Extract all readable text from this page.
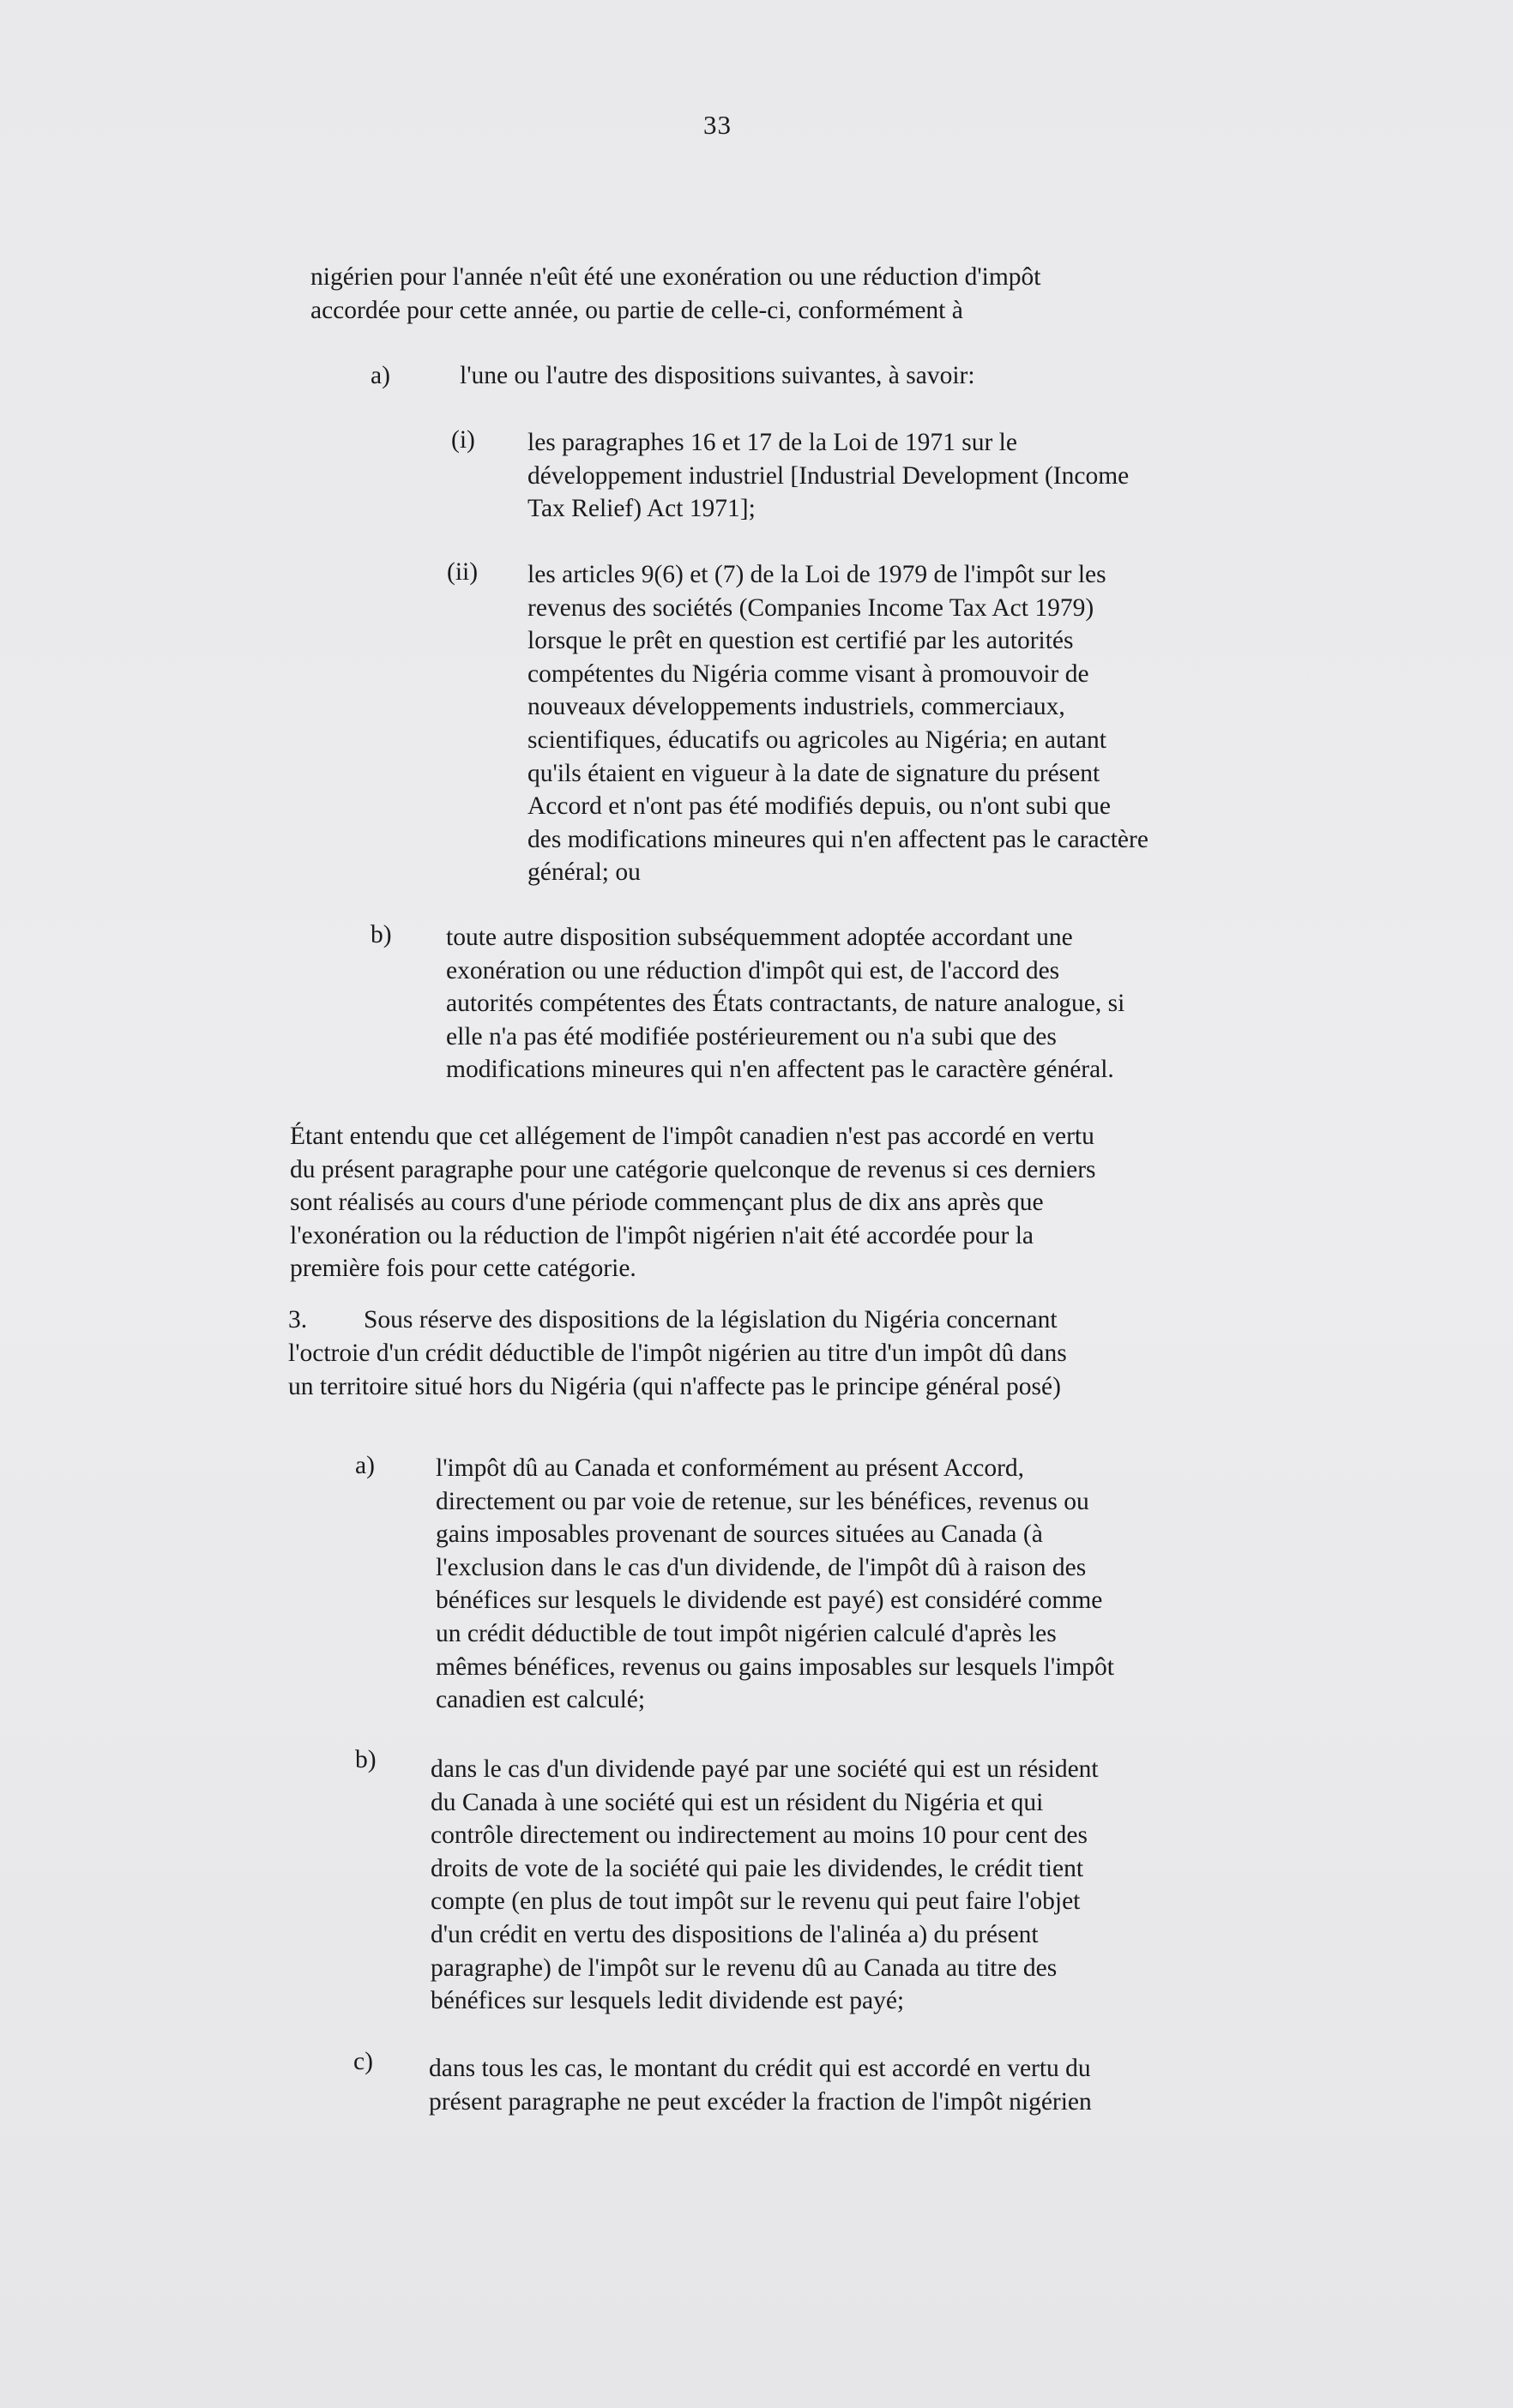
33
nigérien pour l'année n'eût été une exonération ou une réduction d'impôt
accordée pour cette année, ou partie de celle-ci, conformément à
a)	l'une ou l'autre des dispositions suivantes, à savoir:
(i) les paragraphes 16 et 17 de la Loi de 1971 sur le
développement industriel [Industrial Development (Income
Tax Relief) Act 1971];
(ii) les articles 9(6) et (7) de la Loi de 1979 de l'impôt sur les
revenus des sociétés (Companies Income Tax Act 1979)
lorsque le prêt en question est certifié par les autorités
compétentes du Nigéria comme visant à promouvoir de
nouveaux développements industriels, commerciaux,
scientifiques, éducatifs ou agricoles au Nigéria; en autant
qu'ils étaient en vigueur à la date de signature du présent
Accord et n'ont pas été modifiés depuis, ou n'ont subi que
des modifications mineures qui n'en affectent pas le caractère
général; ou
b) toute autre disposition subséquemment adoptée accordant une
exonération ou une réduction d'impôt qui est, de l'accord des
autorités compétentes des États contractants, de nature analogue, si
elle n'a pas été modifiée postérieurement ou n'a subi que des
modifications mineures qui n'en affectent pas le caractère général.
Étant entendu que cet allégement de l'impôt canadien n'est pas accordé en vertu
du présent paragraphe pour une catégorie quelconque de revenus si ces derniers
sont réalisés au cours d'une période commençant plus de dix ans après que
l'exonération ou la réduction de l'impôt nigérien n'ait été accordée pour la
première fois pour cette catégorie.
3. Sous réserve des dispositions de la législation du Nigéria concernant
l'octroie d'un crédit déductible de l'impôt nigérien au titre d'un impôt dû dans
un territoire situé hors du Nigéria (qui n'affecte pas le principe général posé)
a) l'impôt dû au Canada et conformément au présent Accord,
directement ou par voie de retenue, sur les bénéfices, revenus ou
gains imposables provenant de sources situées au Canada (à
l'exclusion dans le cas d'un dividende, de l'impôt dû à raison des
bénéfices sur lesquels le dividende est payé) est considéré comme
un crédit déductible de tout impôt nigérien calculé d'après les
mêmes bénéfices, revenus ou gains imposables sur lesquels l'impôt
canadien est calculé;
b) dans le cas d'un dividende payé par une société qui est un résident
du Canada à une société qui est un résident du Nigéria et qui
contrôle directement ou indirectement au moins 10 pour cent des
droits de vote de la société qui paie les dividendes, le crédit tient
compte (en plus de tout impôt sur le revenu qui peut faire l'objet
d'un crédit en vertu des dispositions de l'alinéa a) du présent
paragraphe) de l'impôt sur le revenu dû au Canada au titre des
bénéfices sur lesquels ledit dividende est payé;
c) dans tous les cas, le montant du crédit qui est accordé en vertu du
présent paragraphe ne peut excéder la fraction de l'impôt nigérien
